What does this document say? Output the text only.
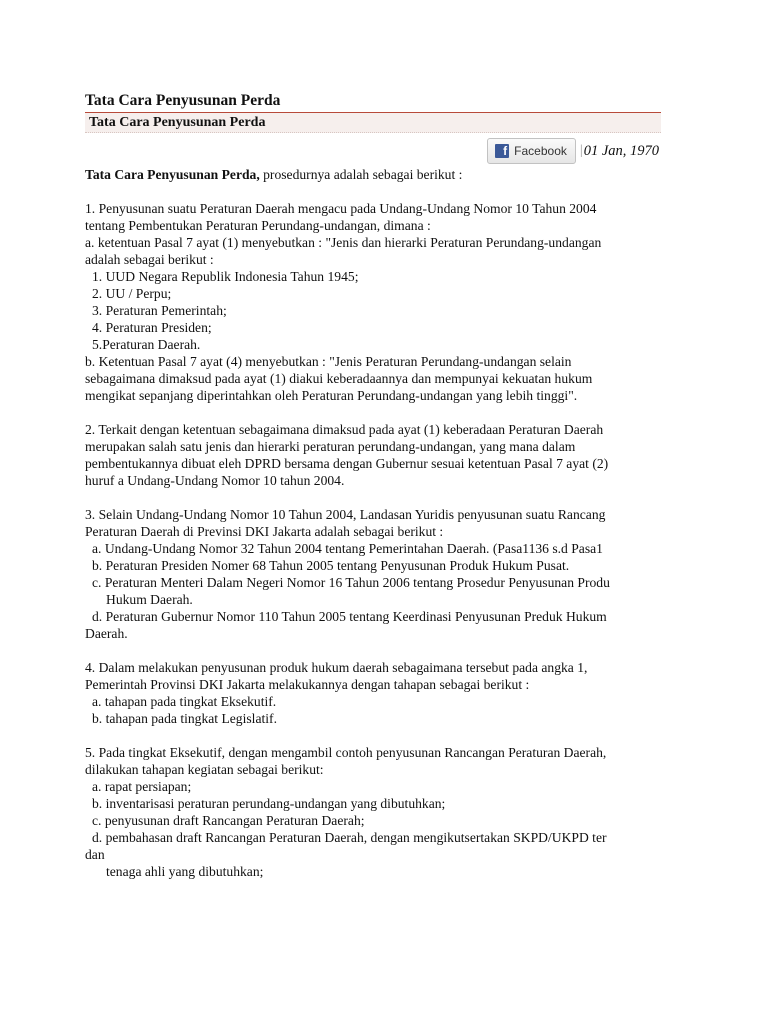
Tata Cara Penyusunan Perda
Tata Cara Penyusunan Perda
f Facebook | 01 Jan, 1970
Tata Cara Penyusunan Perda, prosedurnya adalah sebagai berikut :
1. Penyusunan suatu Peraturan Daerah mengacu pada Undang-Undang Nomor 10 Tahun 2004
tentang Pembentukan Peraturan Perundang-undangan, dimana :
a. ketentuan Pasal 7 ayat (1) menyebutkan : "Jenis dan hierarki Peraturan Perundang-undangan
adalah sebagai berikut :
1. UUD Negara Republik Indonesia Tahun 1945;
2. UU / Perpu;
3. Peraturan Pemerintah;
4. Peraturan Presiden;
5.Peraturan Daerah.
b. Ketentuan Pasal 7 ayat (4) menyebutkan : "Jenis Peraturan Perundang-undangan selain
sebagaimana dimaksud pada ayat (1) diakui keberadaannya dan mempunyai kekuatan hukum
mengikat sepanjang diperintahkan oleh Peraturan Perundang-undangan yang lebih tinggi".
2. Terkait dengan ketentuan sebagaimana dimaksud pada ayat (1) keberadaan Peraturan Daerah
merupakan salah satu jenis dan hierarki peraturan perundang-undangan, yang mana dalam
pembentukannya dibuat eleh DPRD bersama dengan Gubernur sesuai ketentuan Pasal 7 ayat (2)
huruf a Undang-Undang Nomor 10 tahun 2004.
3. Selain Undang-Undang Nomor 10 Tahun 2004, Landasan Yuridis penyusunan suatu Rancang
Peraturan Daerah di Previnsi DKI Jakarta adalah sebagai berikut :
a. Undang-Undang Nomor 32 Tahun 2004 tentang Pemerintahan Daerah. (Pasa1136 s.d Pasa1
b. Peraturan Presiden Nomer 68 Tahun 2005 tentang Penyusunan Produk Hukum Pusat.
c. Peraturan Menteri Dalam Negeri Nomor 16 Tahun 2006 tentang Prosedur Penyusunan Produ
Hukum Daerah.
d. Peraturan Gubernur Nomor 110 Tahun 2005 tentang Keerdinasi Penyusunan Preduk Hukum
Daerah.
4. Dalam melakukan penyusunan produk hukum daerah sebagaimana tersebut pada angka 1,
Pemerintah Provinsi DKI Jakarta melakukannya dengan tahapan sebagai berikut :
a. tahapan pada tingkat Eksekutif.
b. tahapan pada tingkat Legislatif.
5. Pada tingkat Eksekutif, dengan mengambil contoh penyusunan Rancangan Peraturan Daerah,
dilakukan tahapan kegiatan sebagai berikut:
a. rapat persiapan;
b. inventarisasi peraturan perundang-undangan yang dibutuhkan;
c. penyusunan draft Rancangan Peraturan Daerah;
d. pembahasan draft Rancangan Peraturan Daerah, dengan mengikutsertakan SKPD/UKPD ter
dan
tenaga ahli yang dibutuhkan;
